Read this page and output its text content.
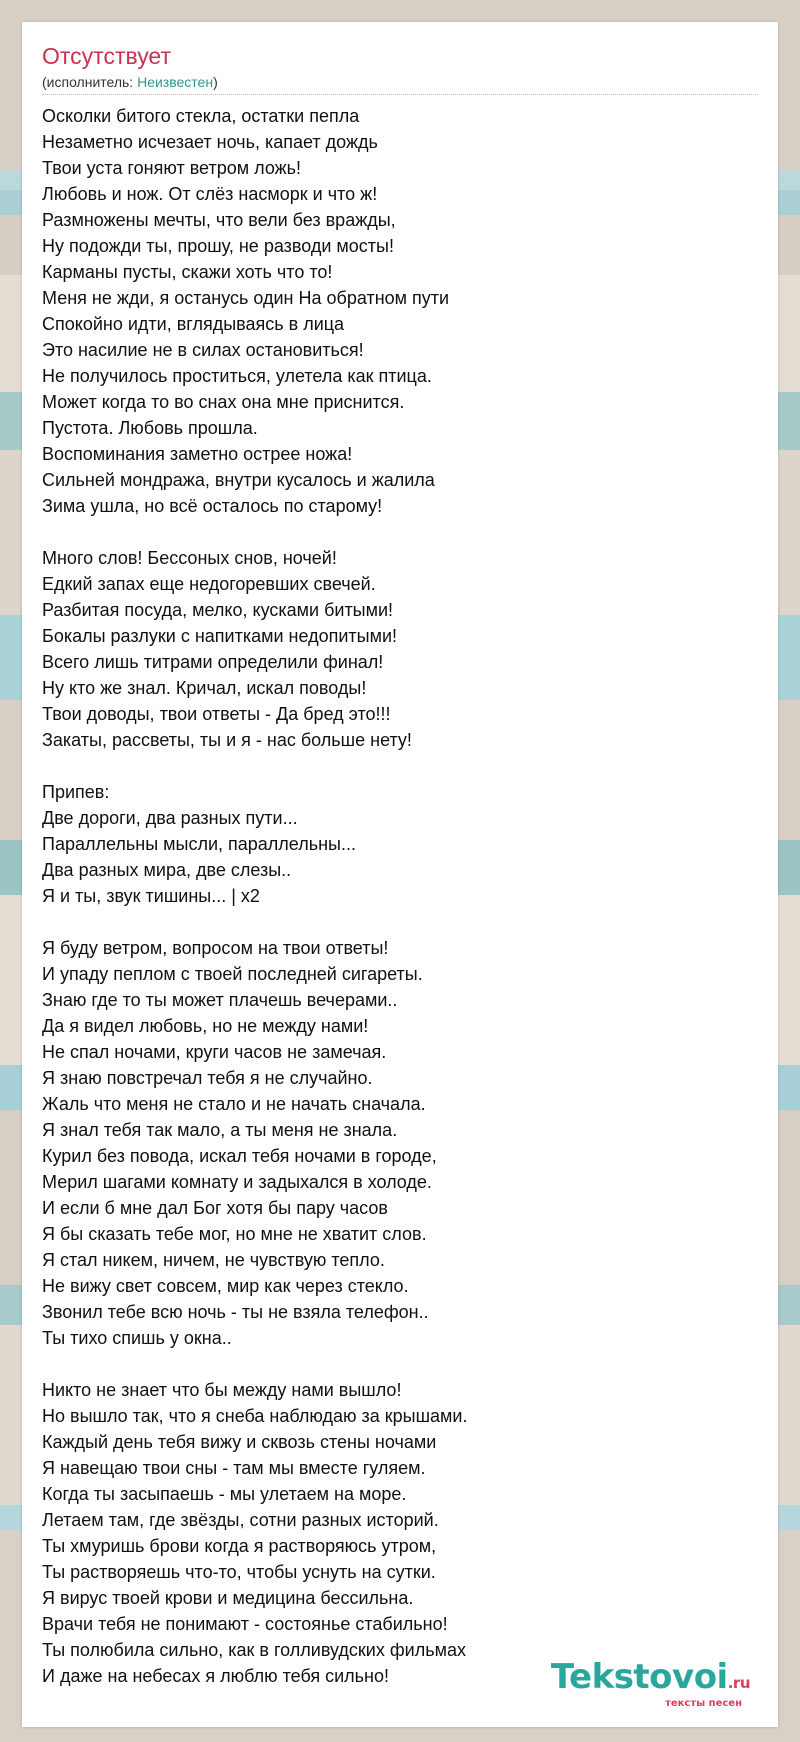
Отсутствует
(исполнитель: Неизвестен)
Осколки битого стекла, остатки пепла
Незаметно исчезает ночь, капает дождь
Твои уста гоняют ветром ложь!
Любовь и нож. От слёз насморк и что ж!
Размножены мечты, что вели без вражды,
Ну подожди ты, прошу, не разводи мосты!
Карманы пусты, скажи хоть что то!
Меня не жди, я останусь один На обратном пути
Спокойно идти, вглядываясь в лица
Это насилие не в силах остановиться!
Не получилось проститься, улетела как птица.
Может когда то во снах она мне приснится.
Пустота. Любовь прошла.
Воспоминания заметно острее ножа!
Сильней мондража, внутри кусалось и жалила
Зима ушла, но всё осталось по старому!
Много слов! Бессоных снов, ночей!
Едкий запах еще недогоревших свечей.
Разбитая посуда, мелко, кусками битыми!
Бокалы разлуки с напитками недопитыми!
Всего лишь титрами определили финал!
Ну кто же знал. Кричал, искал поводы!
Твои доводы, твои ответы - Да бред это!!!
Закаты, рассветы, ты и я - нас больше нету!
Припев:
Две дороги, два разных пути...
Параллельны мысли, параллельны...
Два разных мира, две слезы..
Я и ты, звук тишины... | x2
Я буду ветром, вопросом на твои ответы!
И упаду пеплом с твоей последней сигареты.
Знаю где то ты может плачешь вечерами..
Да я видел любовь, но не между нами!
Не спал ночами, круги часов не замечая.
Я знаю повстречал тебя я не случайно.
Жаль что меня не стало и не начать сначала.
Я знал тебя так мало, а ты меня не знала.
Курил без повода, искал тебя ночами в городе,
Мерил шагами комнату и задыхался в холоде.
И если б мне дал Бог хотя бы пару часов
Я бы сказать тебе мог, но мне не хватит слов.
Я стал никем, ничем, не чувствую тепло.
Не вижу свет совсем, мир как через стекло.
Звонил тебе всю ночь - ты не взяла телефон..
Ты тихо спишь у окна..
Никто не знает что бы между нами вышло!
Но вышло так, что я снеба наблюдаю за крышами.
Каждый день тебя вижу и сквозь стены ночами
Я навещаю твои сны - там мы вместе гуляем.
Когда ты засыпаешь - мы улетаем на море.
Летаем там, где звёзды, сотни разных историй.
Ты хмуришь брови когда я растворяюсь утром,
Ты растворяешь что-то, чтобы уснуть на сутки.
Я вирус твоей крови и медицина бессильна.
Врачи тебя не понимают - состоянье стабильно!
Ты полюбила сильно, как в голливудских фильмах
И даже на небесах я люблю тебя сильно!	Tekstovoi.ru
тексты песен
